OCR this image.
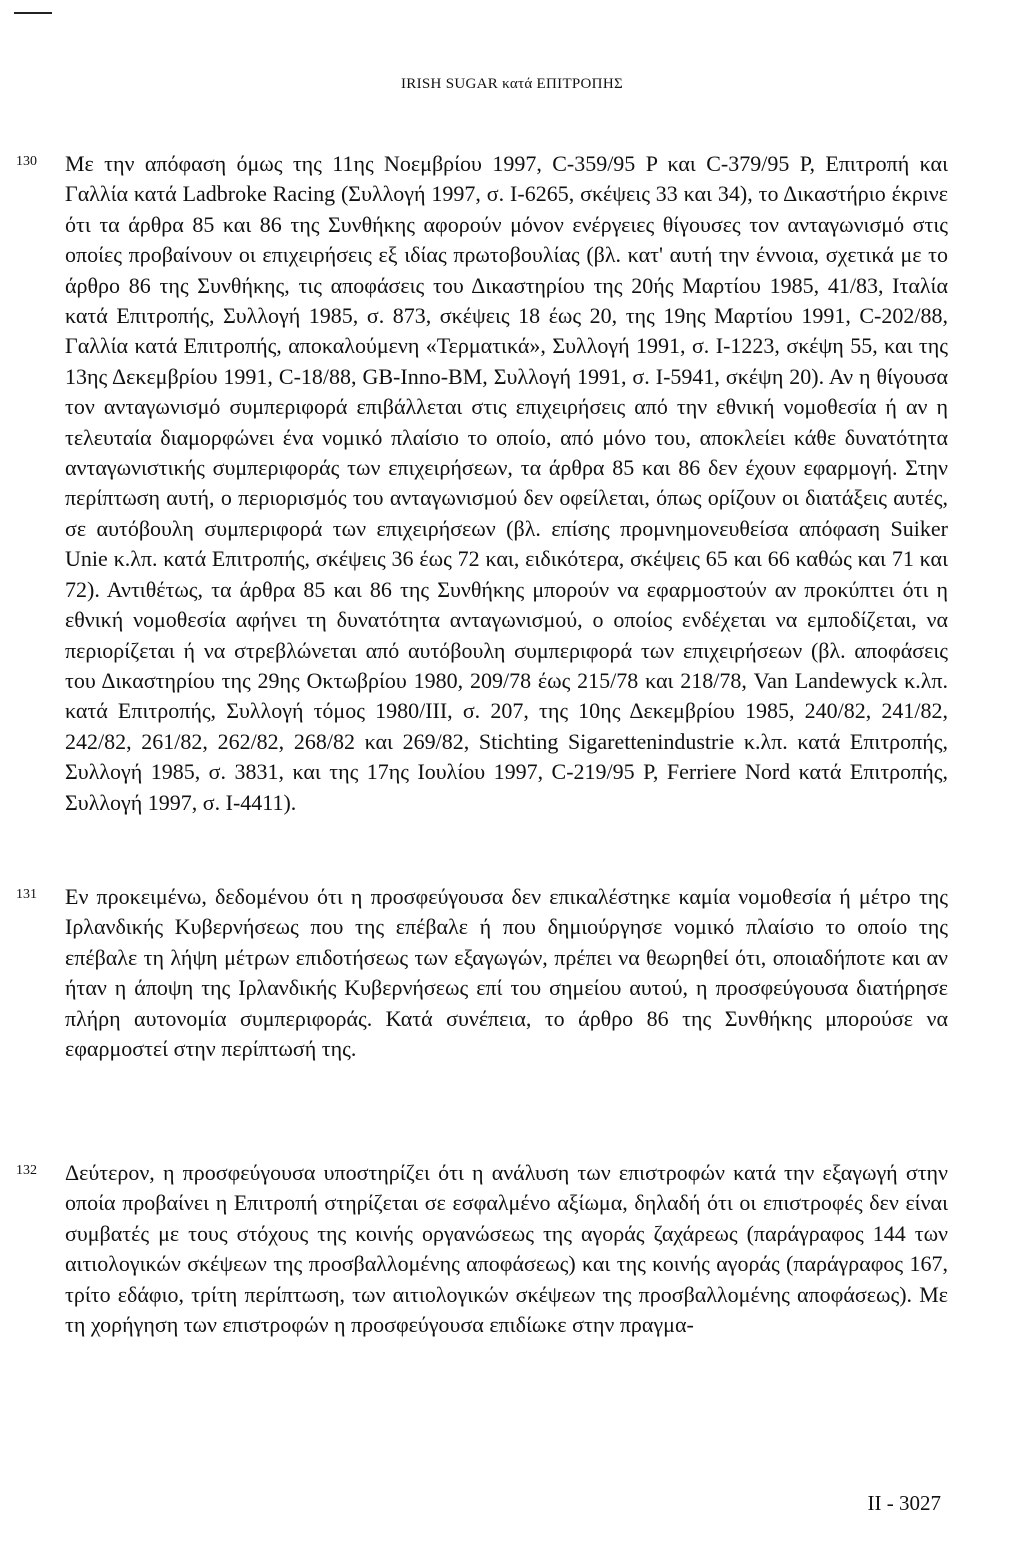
IRISH SUGAR κατά ΕΠΙΤΡΟΠΗΣ
130 Με την απόφαση όμως της 11ης Νοεμβρίου 1997, C-359/95 P και C-379/95 P, Επιτροπή και Γαλλία κατά Ladbroke Racing (Συλλογή 1997, σ. I-6265, σκέψεις 33 και 34), το Δικαστήριο έκρινε ότι τα άρθρα 85 και 86 της Συνθήκης αφορούν μόνον ενέργειες θίγουσες τον ανταγωνισμό στις οποίες προβαίνουν οι επιχειρήσεις εξ ιδίας πρωτοβουλίας (βλ. κατ' αυτή την έννοια, σχετικά με το άρθρο 86 της Συνθήκης, τις αποφάσεις του Δικαστηρίου της 20ής Μαρτίου 1985, 41/83, Ιταλία κατά Επιτροπής, Συλλογή 1985, σ. 873, σκέψεις 18 έως 20, της 19ης Μαρτίου 1991, C-202/88, Γαλλία κατά Επιτροπής, αποκαλούμενη «Τερματικά», Συλλογή 1991, σ. I-1223, σκέψη 55, και της 13ης Δεκεμβρίου 1991, C-18/88, GB-Inno-BM, Συλλογή 1991, σ. I-5941, σκέψη 20). Αν η θίγουσα τον ανταγωνισμό συμπεριφορά επιβάλλεται στις επιχειρήσεις από την εθνική νομοθεσία ή αν η τελευταία διαμορφώνει ένα νομικό πλαίσιο το οποίο, από μόνο του, αποκλείει κάθε δυνατότητα ανταγωνιστικής συμπεριφοράς των επιχειρήσεων, τα άρθρα 85 και 86 δεν έχουν εφαρμογή. Στην περίπτωση αυτή, ο περιορισμός του ανταγωνισμού δεν οφείλεται, όπως ορίζουν οι διατάξεις αυτές, σε αυτόβουλη συμπεριφορά των επιχειρήσεων (βλ. επίσης προμνημονευθείσα απόφαση Suiker Unie κ.λπ. κατά Επιτροπής, σκέψεις 36 έως 72 και, ειδικότερα, σκέψεις 65 και 66 καθώς και 71 και 72). Αντιθέτως, τα άρθρα 85 και 86 της Συνθήκης μπορούν να εφαρμοστούν αν προκύπτει ότι η εθνική νομοθεσία αφήνει τη δυνατότητα ανταγωνισμού, ο οποίος ενδέχεται να εμποδίζεται, να περιορίζεται ή να στρεβλώνεται από αυτόβουλη συμπεριφορά των επιχειρήσεων (βλ. αποφάσεις του Δικαστηρίου της 29ης Οκτωβρίου 1980, 209/78 έως 215/78 και 218/78, Van Landewyck κ.λπ. κατά Επιτροπής, Συλλογή τόμος 1980/ΙΙΙ, σ. 207, της 10ης Δεκεμβρίου 1985, 240/82, 241/82, 242/82, 261/82, 262/82, 268/82 και 269/82, Stichting Sigarettenindustrie κ.λπ. κατά Επιτροπής, Συλλογή 1985, σ. 3831, και της 17ης Ιουλίου 1997, C-219/95 P, Ferriere Nord κατά Επιτροπής, Συλλογή 1997, σ. I-4411).

131 Εν προκειμένω, δεδομένου ότι η προσφεύγουσα δεν επικαλέστηκε καμία νομοθεσία ή μέτρο της Ιρλανδικής Κυβερνήσεως που της επέβαλε ή που δημιούργησε νομικό πλαίσιο το οποίο της επέβαλε τη λήψη μέτρων επιδοτήσεως των εξαγωγών, πρέπει να θεωρηθεί ότι, οποιαδήποτε και αν ήταν η άποψη της Ιρλανδικής Κυβερνήσεως επί του σημείου αυτού, η προσφεύγουσα διατήρησε πλήρη αυτονομία συμπεριφοράς. Κατά συνέπεια, το άρθρο 86 της Συνθήκης μπορούσε να εφαρμοστεί στην περίπτωσή της.

132 Δεύτερον, η προσφεύγουσα υποστηρίζει ότι η ανάλυση των επιστροφών κατά την εξαγωγή στην οποία προβαίνει η Επιτροπή στηρίζεται σε εσφαλμένο αξίωμα, δηλαδή ότι οι επιστροφές δεν είναι συμβατές με τους στόχους της κοινής οργανώσεως της αγοράς ζαχάρεως (παράγραφος 144 των αιτιολογικών σκέψεων της προσβαλλομένης αποφάσεως) και της κοινής αγοράς (παράγραφος 167, τρίτο εδάφιο, τρίτη περίπτωση, των αιτιολογικών σκέψεων της προσβαλλομένης αποφάσεως). Με τη χορήγηση των επιστροφών η προσφεύγουσα επιδίωκε στην πραγμα-

II - 3027
